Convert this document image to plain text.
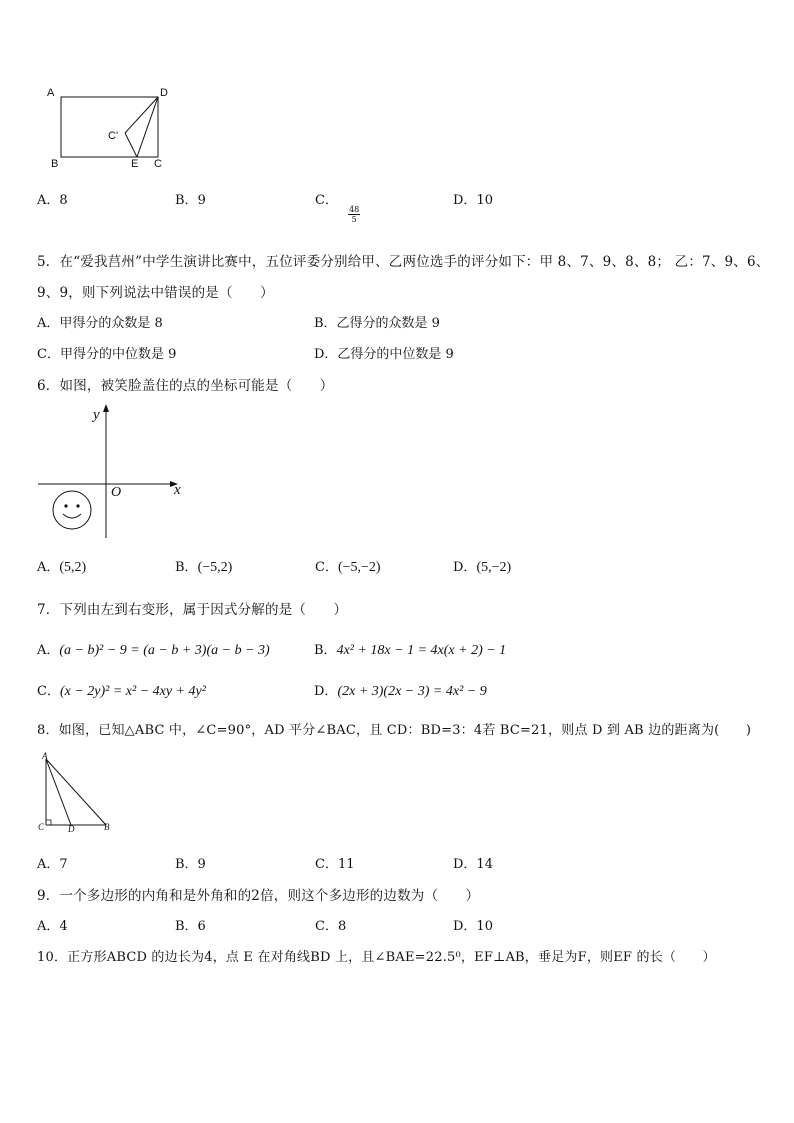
A	D
C'
B	E C
A．8	B．9	C．
$\frac{48}{5}$
D．10
5．在“爱我莒州”中学生演讲比赛中，五位评委分别给甲、乙两位选手的评分如下：甲 8、7、9、8、8； 乙：7、9、6、
9、9，则下列说法中错误的是（　　）
A．甲得分的众数是 8	B．乙得分的众数是 9
C．甲得分的中位数是 9	D．乙得分的中位数是 9
6．如图，被笑脸盖住的点的坐标可能是（　　）
y
x
O
A．(5,2)	B．(−5,2)	C．(−5,−2)	D．(5,−2)
7．下列由左到右变形，属于因式分解的是（　　）
A．(a − b)² − 9 = (a − b + 3)(a − b − 3)	B．4x² + 18x − 1 = 4x(x + 2) − 1
C．(x − 2y)² = x² − 4xy + 4y²	D．(2x + 3)(2x − 3) = 4x² − 9
8．如图，已知△ABC 中，∠C=90°，AD 平分∠BAC，且 CD：BD=3：4若 BC=21，则点 D 到 AB 边的距离为(　　)
A
C	D	B
A．7	B．9	C．11	D．14
9．一个多边形的内角和是外角和的2倍，则这个多边形的边数为（　　）
A．4	B．6	C．8	D．10
10．正方形ABCD 的边长为4，点 E 在对角线BD 上，且∠BAE=22.5⁰，EF⊥AB，垂足为F，则EF 的长（　　）
